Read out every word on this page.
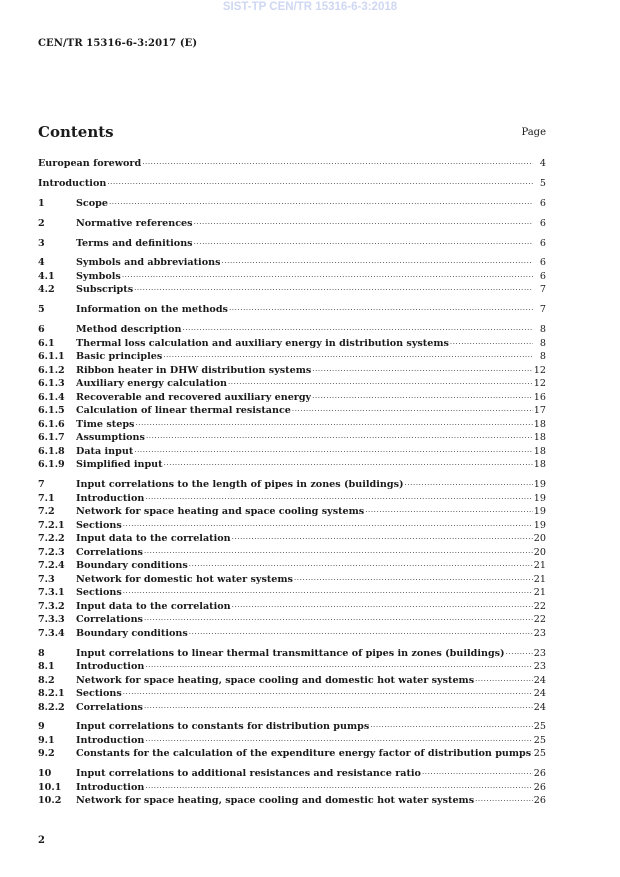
SIST-TP CEN/TR 15316-6-3:2018
CEN/TR 15316-6-3:2017 (E)
Contents	Page
European foreword .....	4
Introduction .....	5
1	Scope .....	6
2	Normative references .....	6
3	Terms and definitions .....	6
4	Symbols and abbreviations .....	6
4.1	Symbols .....	6
4.2	Subscripts .....	7
5	Information on the methods .....	7
6	Method description .....	8
6.1	Thermal loss calculation and auxiliary energy in distribution systems .....	8
6.1.1	Basic principles .....	8
6.1.2	Ribbon heater in DHW distribution systems .....	12
6.1.3	Auxiliary energy calculation .....	12
6.1.4	Recoverable and recovered auxiliary energy .....	16
6.1.5	Calculation of linear thermal resistance .....	17
6.1.6	Time steps .....	18
6.1.7	Assumptions .....	18
6.1.8	Data input .....	18
6.1.9	Simplified input .....	18
7	Input correlations to the length of pipes in zones (buildings) .....	19
7.1	Introduction .....	19
7.2	Network for space heating and space cooling systems .....	19
7.2.1	Sections .....	19
7.2.2	Input data to the correlation .....	20
7.2.3	Correlations .....	20
7.2.4	Boundary conditions .....	21
7.3	Network for domestic hot water systems .....	21
7.3.1	Sections .....	21
7.3.2	Input data to the correlation .....	22
7.3.3	Correlations .....	22
7.3.4	Boundary conditions .....	23
8	Input correlations to linear thermal transmittance of pipes in zones (buildings) .....	23
8.1	Introduction .....	23
8.2	Network for space heating, space cooling and domestic hot water systems .....	24
8.2.1	Sections .....	24
8.2.2	Correlations .....	24
9	Input correlations to constants for distribution pumps .....	25
9.1	Introduction .....	25
9.2	Constants for the calculation of the expenditure energy factor of distribution pumps ..... 25
10	Input correlations to additional resistances and resistance ratio .....	26
10.1	Introduction .....	26
10.2	Network for space heating, space cooling and domestic hot water systems .....	26
2
